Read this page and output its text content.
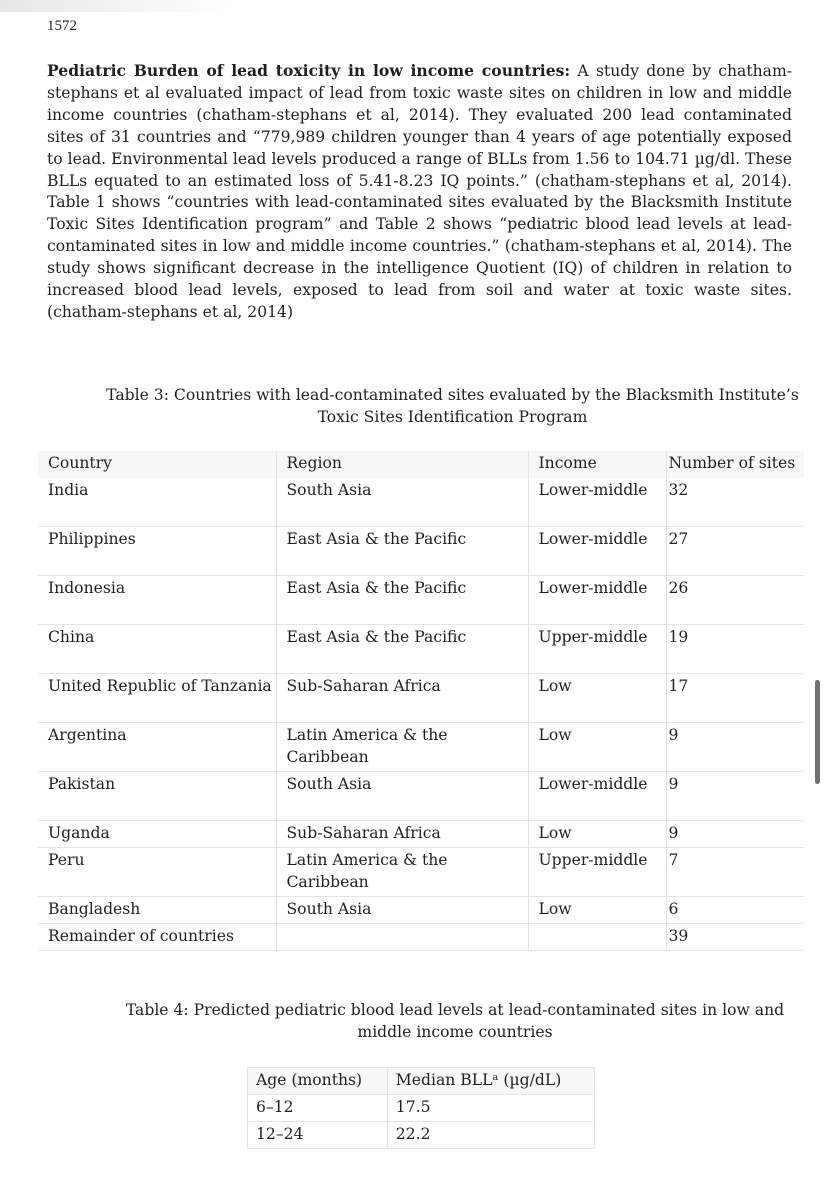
1572

Pediatric Burden of lead toxicity in low income countries: A study done by chatham-stephans et al evaluated impact of lead from toxic waste sites on children in low and middle income countries (chatham-stephans et al, 2014). They evaluated 200 lead contaminated sites of 31 countries and “779,989 children younger than 4 years of age potentially exposed to lead. Environmental lead levels produced a range of BLLs from 1.56 to 104.71 µg/dl. These BLLs equated to an estimated loss of 5.41-8.23 IQ points.” (chatham-stephans et al, 2014). Table 1 shows “countries with lead-contaminated sites evaluated by the Blacksmith Institute Toxic Sites Identification program” and Table 2 shows “pediatric blood lead levels at lead- contaminated sites in low and middle income countries.” (chatham-stephans et al, 2014). The study shows significant decrease in the intelligence Quotient (IQ) of children in relation to increased blood lead levels, exposed to lead from soil and water at toxic waste sites. (chatham-stephans et al, 2014)

Table 3: Countries with lead-contaminated sites evaluated by the Blacksmith Institute’s Toxic Sites Identification Program

Country	Region	Income	Number of sites
India	South Asia	Lower-middle	32
Philippines	East Asia & the Pacific	Lower-middle	27
Indonesia	East Asia & the Pacific	Lower-middle	26
China	East Asia & the Pacific	Upper-middle	19
United Republic of Tanzania	Sub-Saharan Africa	Low	17
Argentina	Latin America & the Caribbean	Low	9
Pakistan	South Asia	Lower-middle	9
Uganda	Sub-Saharan Africa	Low	9
Peru	Latin America & the Caribbean	Upper-middle	7
Bangladesh	South Asia	Low	6
Remainder of countries			39

Table 4: Predicted pediatric blood lead levels at lead-contaminated sites in low and middle income countries

Age (months)	Median BLLᵃ (µg/dL)
6–12	17.5
12–24	22.2
